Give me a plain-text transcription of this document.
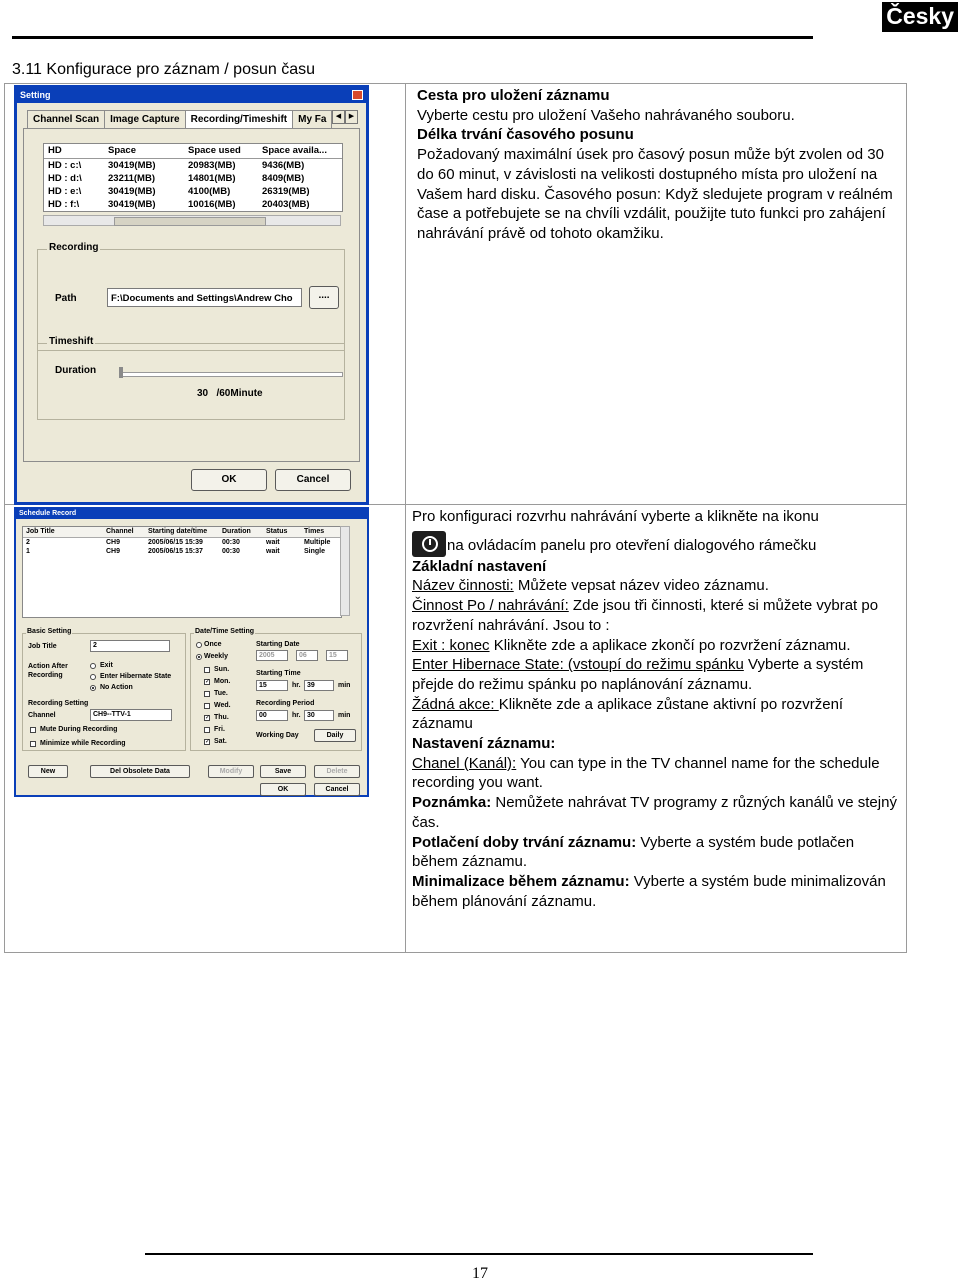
Česky
3.11 Konfigurace pro záznam / posun času
Setting
Channel Scan	Image Capture	Recording/Timeshift	My Fa	◀	▶
HD	Space	Space used	Space availa...
HD : c:\	30419(MB)	20983(MB)	9436(MB)
HD : d:\	23211(MB)	14801(MB)	8409(MB)
HD : e:\	30419(MB)	4100(MB)	26319(MB)
HD : f:\	30419(MB)	10016(MB)	20403(MB)
Recording
Path	F:\Documents and Settings\Andrew Cho	....
Timeshift
Duration
30 /60Minute
OK	Cancel

Cesta pro uložení záznamu

Vyberte cestu pro uložení Vašeho nahrávaného souboru.

Délka trvání časového posunu

Požadovaný maximální úsek pro časový posun může být zvolen od 30 do 60 minut, v závislosti na velikosti dostupného místa pro uložení na Vašem hard disku. Časového posun: Když sledujete program v reálném čase a potřebujete se na chvíli vzdálit, použijte tuto funkci pro zahájení nahrávání právě od tohoto okamžiku.

Schedule Record
Job Title	Channel	Starting date/time	Duration	Status	Times
2	CH9	2005/06/15 15:39	00:30	wait	Multiple
1	CH9	2005/06/15 15:37	00:30	wait	Single
Basic Setting
Job Title	2
Action After Recording
Exit
Enter Hibernate State
No Action
Recording Setting
Channel	CH9--TTV-1
Mute During Recording
Minimize while Recording
Date/Time Setting
Once
Weekly
Sun.
✓ Mon.
Tue.
Wed.
✓ Thu.
Fri.
✓ Sat.
Starting Date
2005	06	15
Starting Time
15	hr. 39	min
Recording Period
00	hr. 30	min
Working Day	Daily
New	Del Obsolete Data	Modify	Save	Delete
OK	Cancel

Pro konfiguraci rozvrhu nahrávání vyberte a klikněte na ikonu

na ovládacím panelu pro otevření dialogového rámečku

Základní nastavení

Název činnosti: Můžete vepsat název video záznamu.

Činnost Po / nahrávání: Zde jsou tři činnosti, které si můžete vybrat po rozvržení nahrávání. Jsou to :

Exit : konec Klikněte zde a aplikace zkončí po rozvržení záznamu.

Enter Hibernace State: (vstoupí do režimu spánku Vyberte a systém přejde do režimu spánku po naplánování záznamu.

Žádná akce: Klikněte zde a aplikace zůstane aktivní po rozvržení záznamu

Nastavení záznamu:

Chanel (Kanál): You can type in the TV channel name for the schedule recording you want.

Poznámka: Nemůžete nahrávat TV programy z různých kanálů ve stejný čas.

Potlačení doby trvání záznamu: Vyberte a systém bude potlačen během záznamu.

Minimalizace během záznamu: Vyberte a systém bude minimalizován během plánování záznamu.

17
